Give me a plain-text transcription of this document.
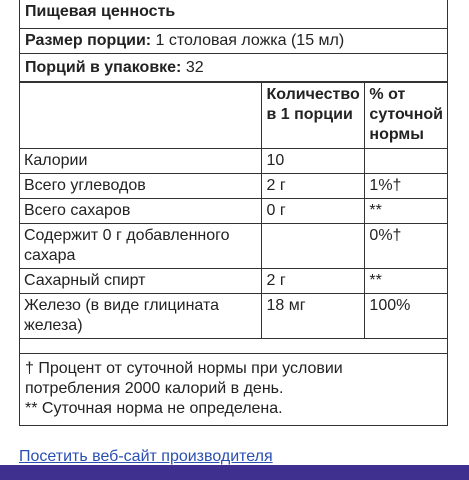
Пищевая ценность
Размер порции: 1 столовая ложка (15 мл)
Порций в упаковке: 32
	Количество в 1 порции	% от суточной нормы
Калории	10	
Всего углеводов	2 г	1%†
Всего сахаров	0 г	**
Содержит 0 г добавленного сахара		0%†
Сахарный спирт	2 г	**
Железо (в виде глицината железа)	18 мг	100%
† Процент от суточной нормы при условии потребления 2000 калорий в день.
** Суточная норма не определена.
Посетить веб-сайт производителя
